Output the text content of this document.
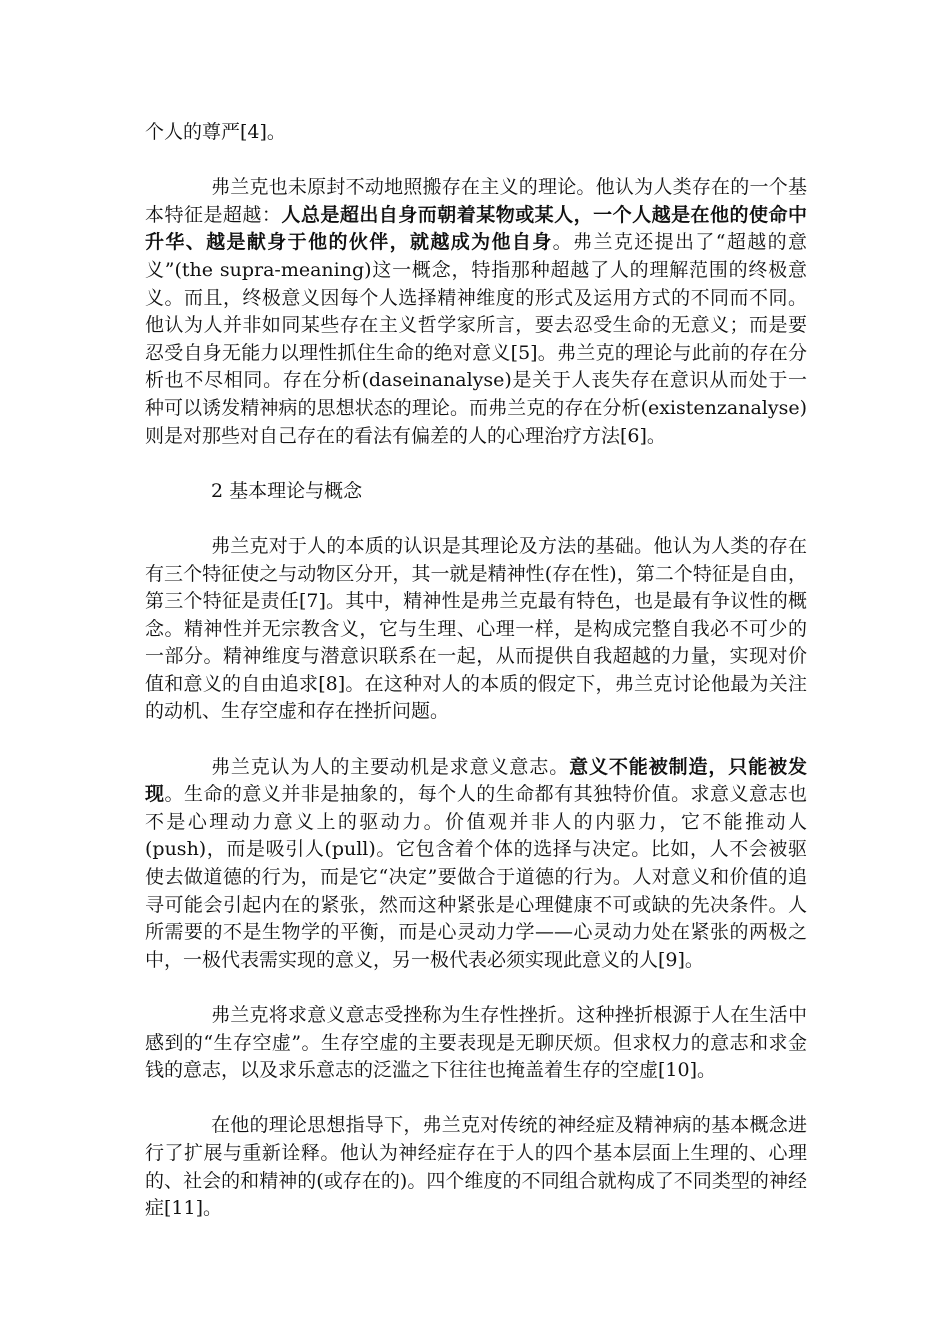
个人的尊严[4]。

弗兰克也未原封不动地照搬存在主义的理论。他认为人类存在的一个基本特征是超越：人总是超出自身而朝着某物或某人，一个人越是在他的使命中升华、越是献身于他的伙伴，就越成为他自身。弗兰克还提出了“超越的意义”(the supra-meaning)这一概念，特指那种超越了人的理解范围的终极意义。而且，终极意义因每个人选择精神维度的形式及运用方式的不同而不同。他认为人并非如同某些存在主义哲学家所言，要去忍受生命的无意义；而是要忍受自身无能力以理性抓住生命的绝对意义[5]。弗兰克的理论与此前的存在分析也不尽相同。存在分析(daseinanalyse)是关于人丧失存在意识从而处于一种可以诱发精神病的思想状态的理论。而弗兰克的存在分析(existenzanalyse)则是对那些对自己存在的看法有偏差的人的心理治疗方法[6]。

2 基本理论与概念

弗兰克对于人的本质的认识是其理论及方法的基础。他认为人类的存在有三个特征使之与动物区分开，其一就是精神性(存在性)，第二个特征是自由，第三个特征是责任[7]。其中，精神性是弗兰克最有特色，也是最有争议性的概念。精神性并无宗教含义，它与生理、心理一样，是构成完整自我必不可少的一部分。精神维度与潜意识联系在一起，从而提供自我超越的力量，实现对价值和意义的自由追求[8]。在这种对人的本质的假定下，弗兰克讨论他最为关注的动机、生存空虚和存在挫折问题。

弗兰克认为人的主要动机是求意义意志。意义不能被制造，只能被发现。生命的意义并非是抽象的，每个人的生命都有其独特价值。求意义意志也不是心理动力意义上的驱动力。价值观并非人的内驱力，它不能推动人(push)，而是吸引人(pull)。它包含着个体的选择与决定。比如，人不会被驱使去做道德的行为，而是它“决定”要做合于道德的行为。人对意义和价值的追寻可能会引起内在的紧张，然而这种紧张是心理健康不可或缺的先决条件。人所需要的不是生物学的平衡，而是心灵动力学——心灵动力处在紧张的两极之中，一极代表需实现的意义，另一极代表必须实现此意义的人[9]。

弗兰克将求意义意志受挫称为生存性挫折。这种挫折根源于人在生活中感到的“生存空虚”。生存空虚的主要表现是无聊厌烦。但求权力的意志和求金钱的意志，以及求乐意志的泛滥之下往往也掩盖着生存的空虚[10]。

在他的理论思想指导下，弗兰克对传统的神经症及精神病的基本概念进行了扩展与重新诠释。他认为神经症存在于人的四个基本层面上生理的、心理的、社会的和精神的(或存在的)。四个维度的不同组合就构成了不同类型的神经症[11]。
